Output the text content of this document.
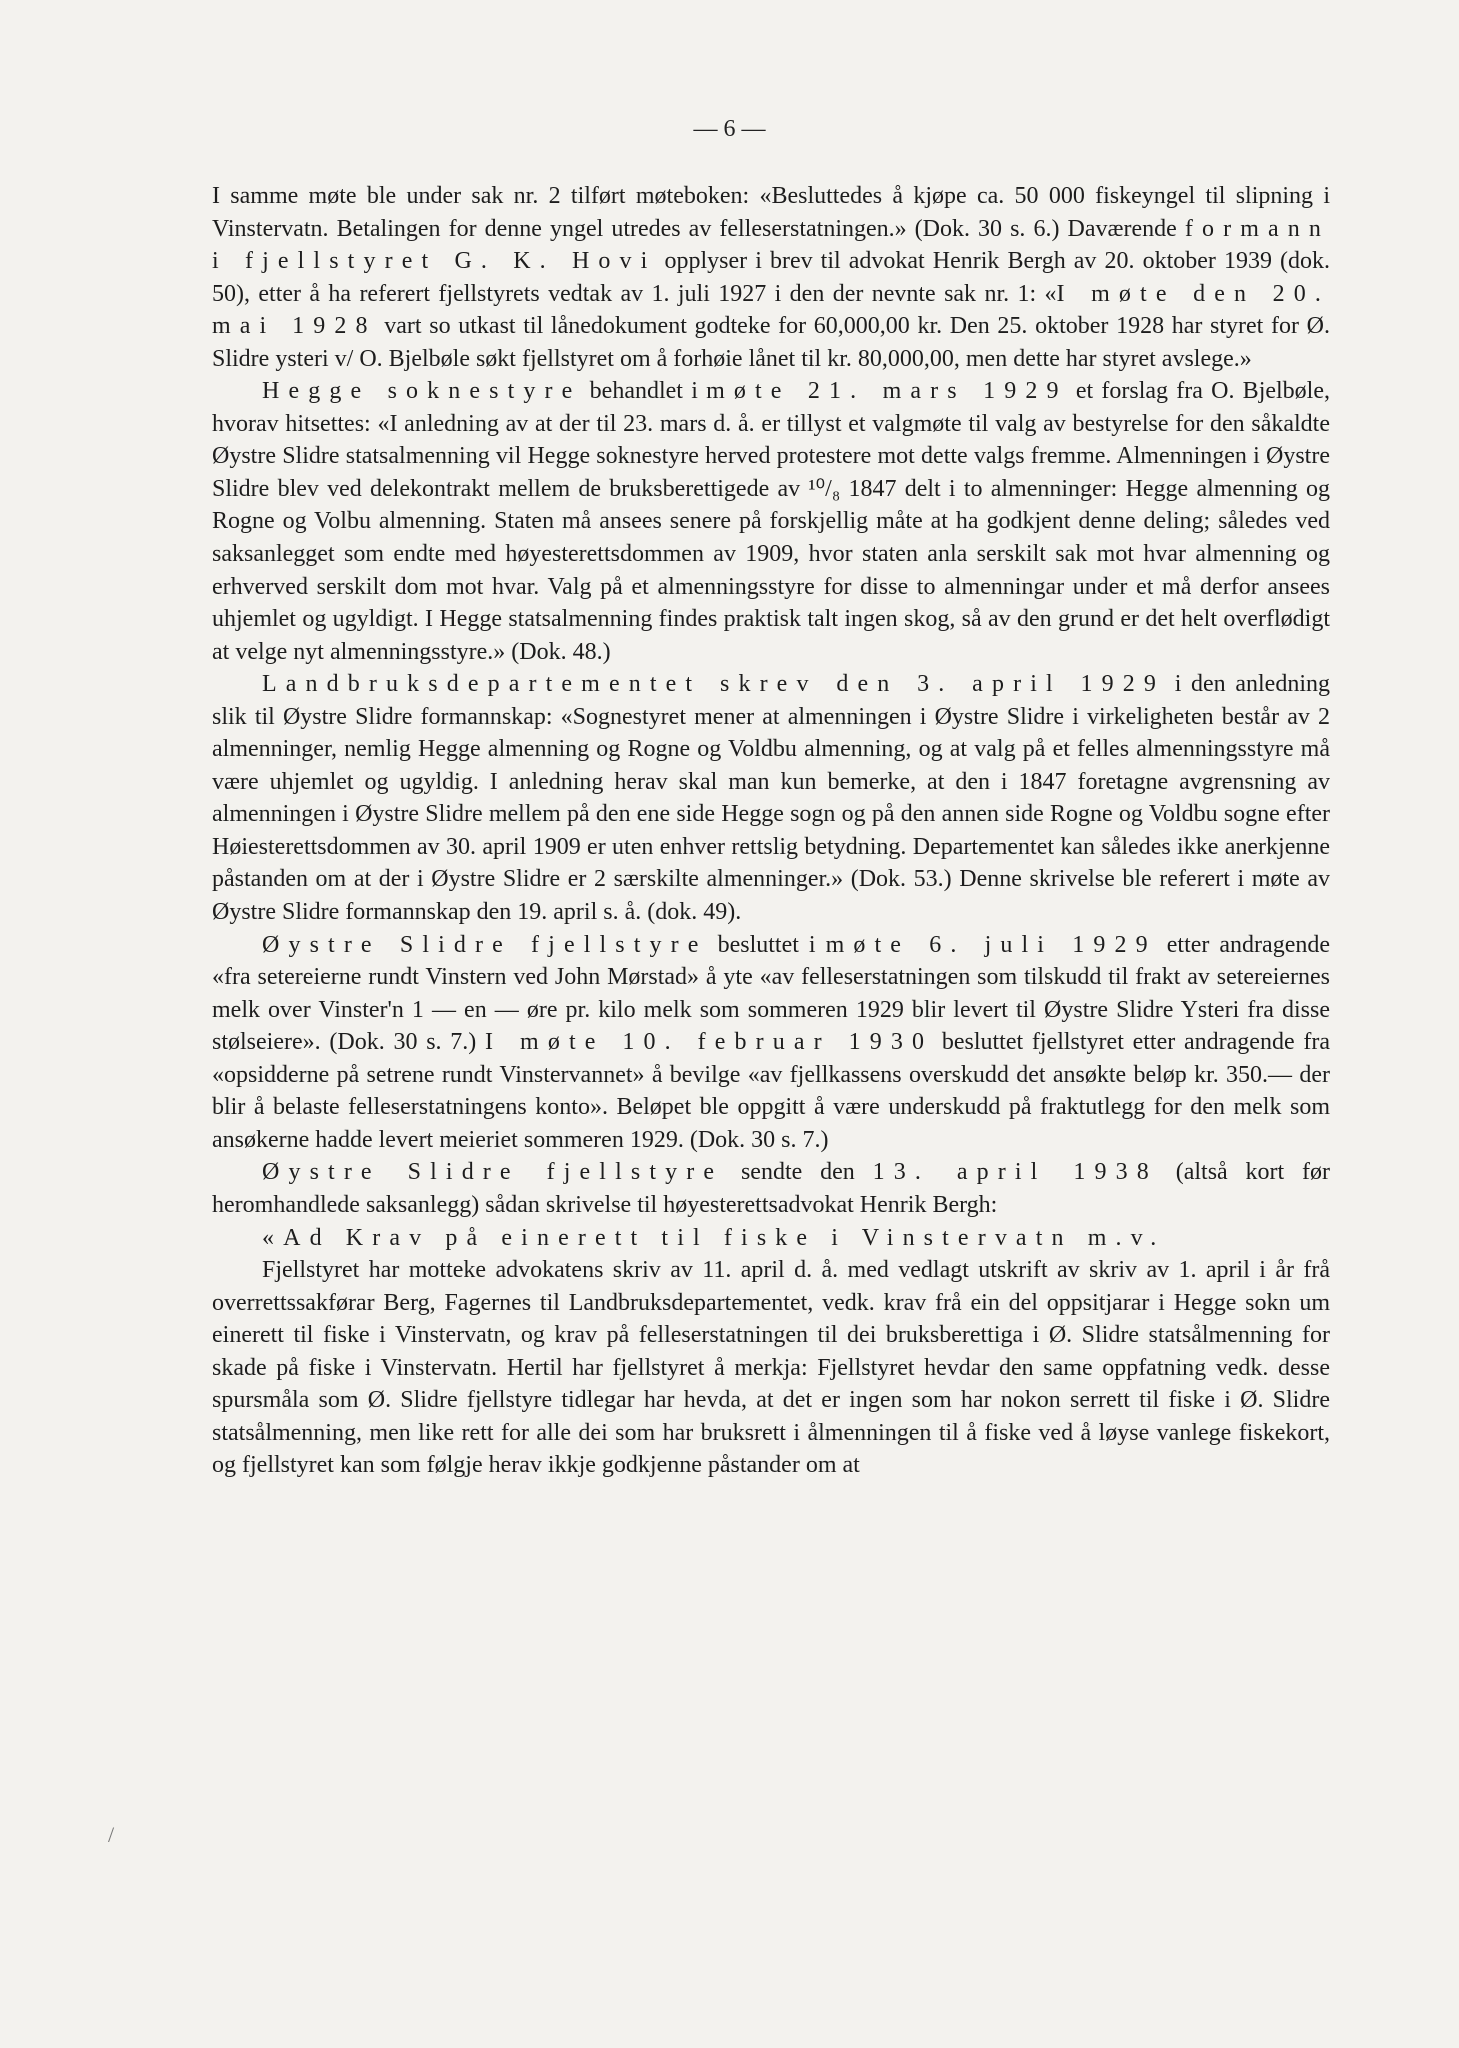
— 6 —

I samme møte ble under sak nr. 2 tilført møteboken: «Besluttedes å kjøpe ca. 50 000 fiskeyngel til slipning i Vinstervatn. Betalingen for denne yngel utredes av felleserstatningen.» (Dok. 30 s. 6.) Daværende formann i fjellstyret G. K. Hovi opplyser i brev til advokat Henrik Bergh av 20. oktober 1939 (dok. 50), etter å ha referert fjellstyrets vedtak av 1. juli 1927 i den der nevnte sak nr. 1: «I møte den 20. mai 1928 vart so utkast til lånedokument godteke for 60,000,00 kr. Den 25. oktober 1928 har styret for Ø. Slidre ysteri v/ O. Bjelbøle søkt fjellstyret om å forhøie lånet til kr. 80,000,00, men dette har styret avslege.»

Hegge soknestyre behandlet i møte 21. mars 1929 et forslag fra O. Bjelbøle, hvorav hitsettes: «I anledning av at der til 23. mars d. å. er tillyst et valgmøte til valg av bestyrelse for den såkaldte Øystre Slidre statsalmenning vil Hegge soknestyre herved protestere mot dette valgs fremme. Almenningen i Øystre Slidre blev ved delekontrakt mellem de bruksberettigede av ¹⁰/₈ 1847 delt i to almenninger: Hegge almenning og Rogne og Volbu almenning. Staten må ansees senere på forskjellig måte at ha godkjent denne deling; således ved saksanlegget som endte med høyesterettsdommen av 1909, hvor staten anla serskilt sak mot hvar almenning og erhverved serskilt dom mot hvar. Valg på et almenningsstyre for disse to almenningar under et må derfor ansees uhjemlet og ugyldigt. I Hegge statsalmenning findes praktisk talt ingen skog, så av den grund er det helt overflødigt at velge nyt almenningsstyre.» (Dok. 48.)

Landbruksdepartementet skrev den 3. april 1929 i den anledning slik til Øystre Slidre formannskap: «Sognestyret mener at almenningen i Øystre Slidre i virkeligheten består av 2 almenninger, nemlig Hegge almenning og Rogne og Voldbu almenning, og at valg på et felles almenningsstyre må være uhjemlet og ugyldig. I anledning herav skal man kun bemerke, at den i 1847 foretagne avgrensning av almenningen i Øystre Slidre mellem på den ene side Hegge sogn og på den annen side Rogne og Voldbu sogne efter Høiesterettsdommen av 30. april 1909 er uten enhver rettslig betydning. Departementet kan således ikke anerkjenne påstanden om at der i Øystre Slidre er 2 særskilte almenninger.» (Dok. 53.) Denne skrivelse ble referert i møte av Øystre Slidre formannskap den 19. april s. å. (dok. 49).

Øystre Slidre fjellstyre besluttet i møte 6. juli 1929 etter andragende «fra setereierne rundt Vinstern ved John Mørstad» å yte «av felleserstatningen som tilskudd til frakt av setereiernes melk over Vinster'n 1 — en — øre pr. kilo melk som sommeren 1929 blir levert til Øystre Slidre Ysteri fra disse stølseiere». (Dok. 30 s. 7.) I møte 10. februar 1930 besluttet fjellstyret etter andragende fra «opsidderne på setrene rundt Vinstervannet» å bevilge «av fjellkassens overskudd det ansøkte beløp kr. 350.— der blir å belaste felleserstatningens konto». Beløpet ble oppgitt å være underskudd på fraktutlegg for den melk som ansøkerne hadde levert meieriet sommeren 1929. (Dok. 30 s. 7.)

Øystre Slidre fjellstyre sendte den 13. april 1938 (altså kort før heromhandlede saksanlegg) sådan skrivelse til høyesterettsadvokat Henrik Bergh:

«Ad Krav på einerett til fiske i Vinstervatn m.v.

Fjellstyret har motteke advokatens skriv av 11. april d. å. med vedlagt utskrift av skriv av 1. april i år frå overrettssakførar Berg, Fagernes til Landbruksdepartementet, vedk. krav frå ein del oppsitjarar i Hegge sokn um einerett til fiske i Vinstervatn, og krav på felleserstatningen til dei bruksberettiga i Ø. Slidre statsålmenning for skade på fiske i Vinstervatn. Hertil har fjellstyret å merkja: Fjellstyret hevdar den same oppfatning vedk. desse spursmåla som Ø. Slidre fjellstyre tidlegar har hevda, at det er ingen som har nokon serrett til fiske i Ø. Slidre statsålmenning, men like rett for alle dei som har bruksrett i ålmenningen til å fiske ved å løyse vanlege fiskekort, og fjellstyret kan som følgje herav ikkje godkjenne påstander om at

/
